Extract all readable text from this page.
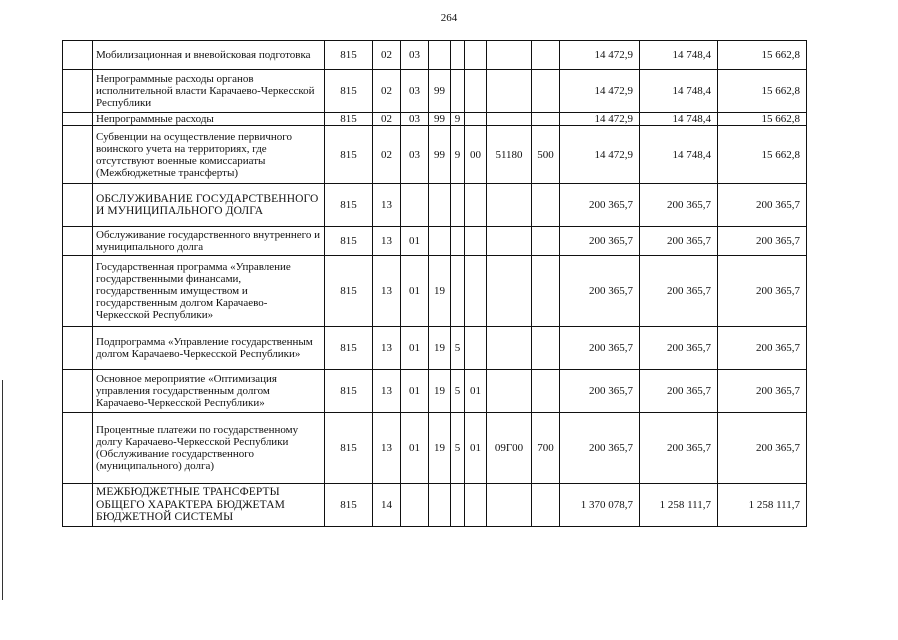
264
	Мобилизационная и вневойсковая подготовка	815	02	03						14 472,9	14 748,4	15 662,8
	Непрограммные расходы органов исполнительной власти Карачаево-Черкесской Республики	815	02	03	99					14 472,9	14 748,4	15 662,8
	Непрограммные расходы	815	02	03	99	9				14 472,9	14 748,4	15 662,8
	Субвенции на осуществление первичного воинского учета на территориях, где отсутствуют военные комиссариаты (Межбюджетные трансферты)	815	02	03	99	9	00	51180	500	14 472,9	14 748,4	15 662,8
	ОБСЛУЖИВАНИЕ ГОСУДАРСТВЕННОГО И МУНИЦИПАЛЬНОГО ДОЛГА	815	13							200 365,7	200 365,7	200 365,7
	Обслуживание государственного внутреннего и муниципального долга	815	13	01						200 365,7	200 365,7	200 365,7
	Государственная программа «Управление государственными финансами, государственным имуществом и государственным долгом Карачаево-Черкесской Республики»	815	13	01	19					200 365,7	200 365,7	200 365,7
	Подпрограмма «Управление государственным долгом Карачаево-Черкесской Республики»	815	13	01	19	5				200 365,7	200 365,7	200 365,7
	Основное мероприятие «Оптимизация управления государственным долгом Карачаево-Черкесской Республики»	815	13	01	19	5	01			200 365,7	200 365,7	200 365,7
	Процентные платежи по государственному долгу Карачаево-Черкесской Республики (Обслуживание государственного (муниципального) долга)	815	13	01	19	5	01	09Г00	700	200 365,7	200 365,7	200 365,7
	МЕЖБЮДЖЕТНЫЕ ТРАНСФЕРТЫ ОБЩЕГО ХАРАКТЕРА БЮДЖЕТАМ БЮДЖЕТНОЙ СИСТЕМЫ	815	14							1 370 078,7	1 258 111,7	1 258 111,7
